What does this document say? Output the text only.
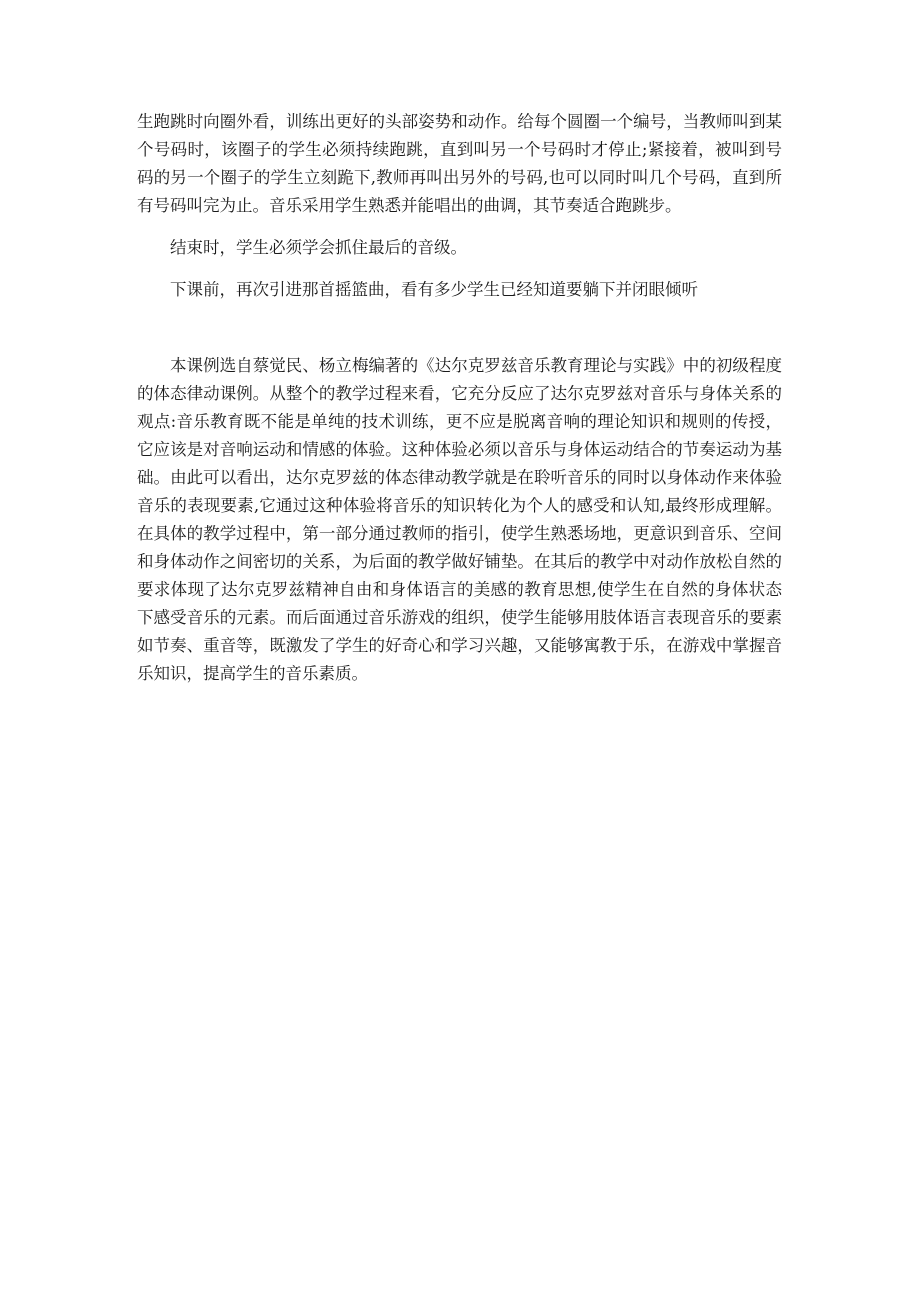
生跑跳时向圈外看，训练出更好的头部姿势和动作。给每个圆圈一个编号，当教师叫到某个号码时，该圈子的学生必须持续跑跳，直到叫另一个号码时才停止;紧接着，被叫到号码的另一个圈子的学生立刻跪下,教师再叫出另外的号码,也可以同时叫几个号码，直到所有号码叫完为止。音乐采用学生熟悉并能唱出的曲调，其节奏适合跑跳步。

结束时，学生必须学会抓住最后的音级。

下课前，再次引进那首摇篮曲，看有多少学生已经知道要躺下并闭眼倾听

本课例选自蔡觉民、杨立梅编著的《达尔克罗兹音乐教育理论与实践》中的初级程度的体态律动课例。从整个的教学过程来看，它充分反应了达尔克罗兹对音乐与身体关系的观点:音乐教育既不能是单纯的技术训练，更不应是脱离音响的理论知识和规则的传授，它应该是对音响运动和情感的体验。这种体验必须以音乐与身体运动结合的节奏运动为基础。由此可以看出，达尔克罗兹的体态律动教学就是在聆听音乐的同时以身体动作来体验音乐的表现要素,它通过这种体验将音乐的知识转化为个人的感受和认知,最终形成理解。在具体的教学过程中，第一部分通过教师的指引，使学生熟悉场地，更意识到音乐、空间和身体动作之间密切的关系，为后面的教学做好铺垫。在其后的教学中对动作放松自然的要求体现了达尔克罗兹精神自由和身体语言的美感的教育思想,使学生在自然的身体状态下感受音乐的元素。而后面通过音乐游戏的组织，使学生能够用肢体语言表现音乐的要素如节奏、重音等，既激发了学生的好奇心和学习兴趣，又能够寓教于乐，在游戏中掌握音乐知识，提高学生的音乐素质。
